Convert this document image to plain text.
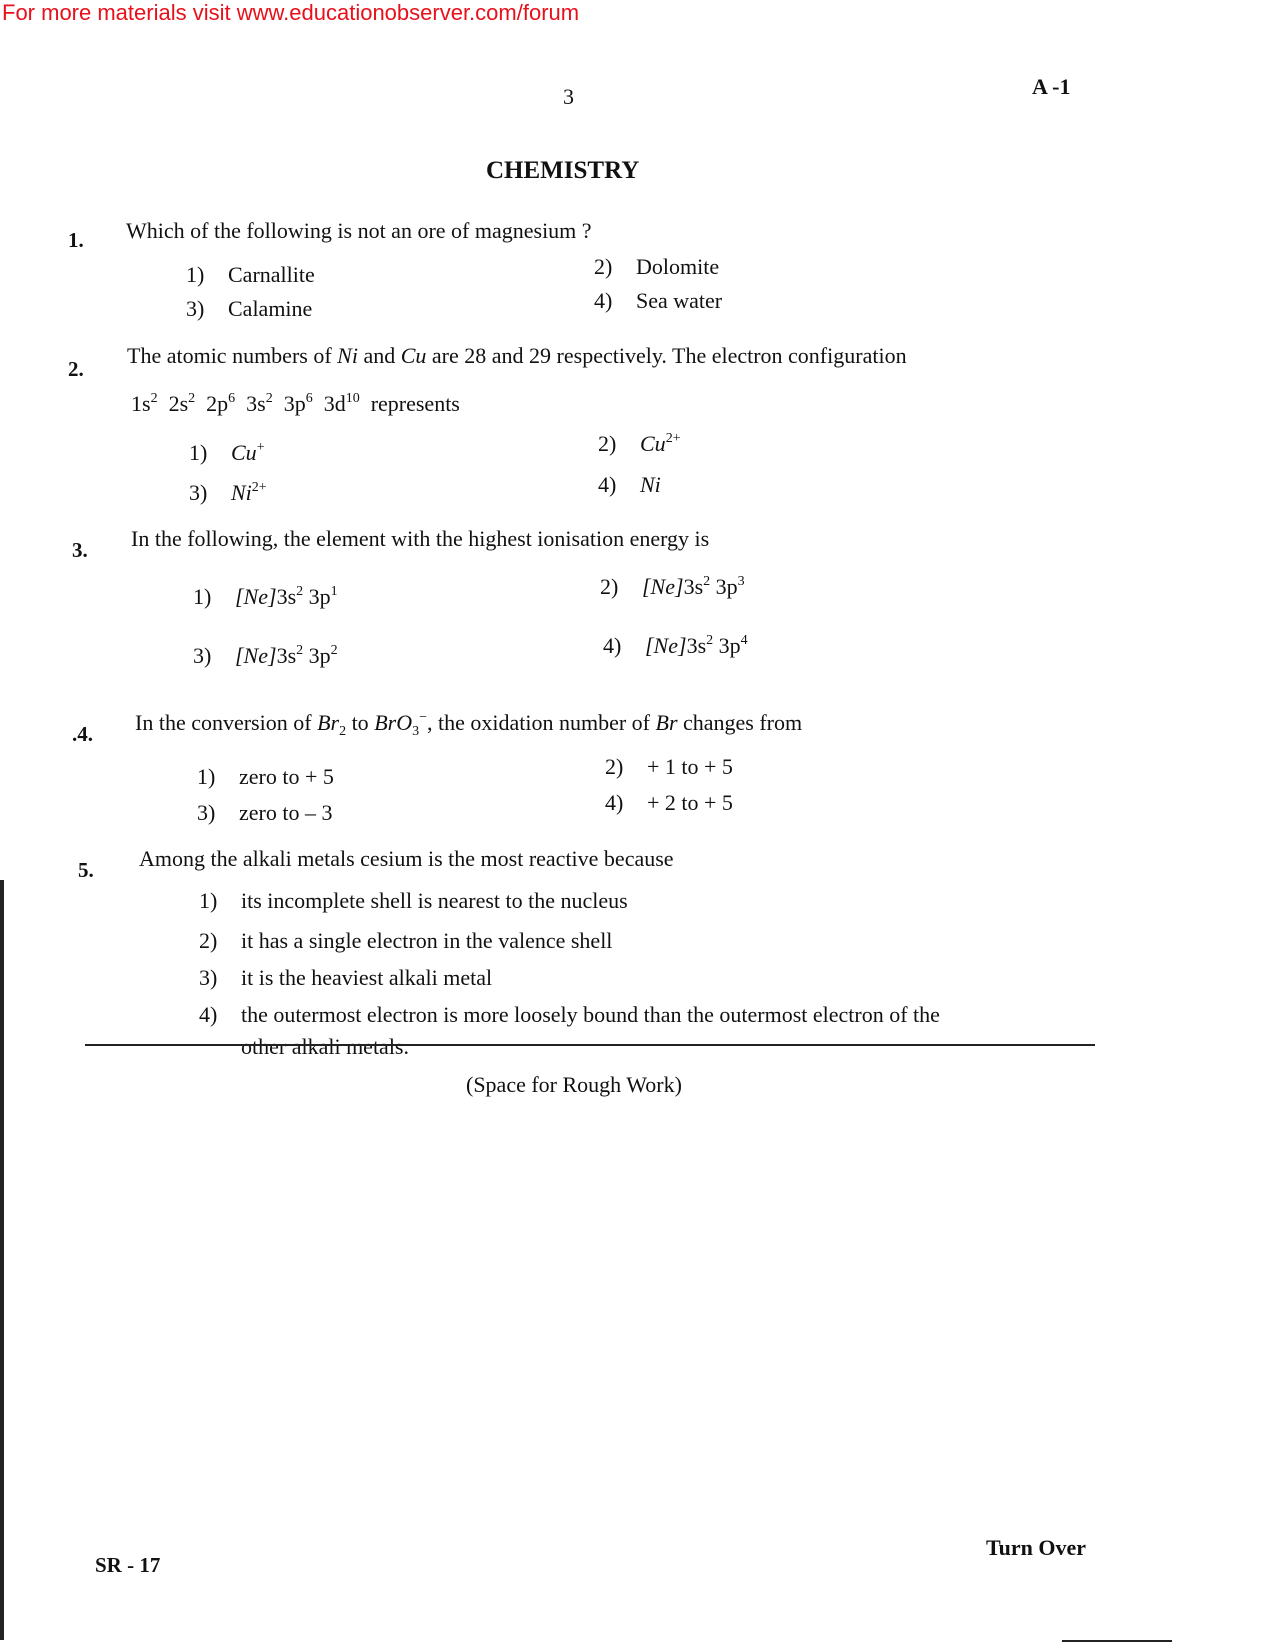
For more materials visit www.educationobserver.com/forum
3	A -1
CHEMISTRY
1. Which of the following is not an ore of magnesium ?
1) Carnallite	2) Dolomite
3) Calamine	4) Sea water
2.
The atomic numbers of Ni and Cu are 28 and 29 respectively. The electron configuration
$1s^2$ $2s^2$ $2p^6$ $3s^2$ $3p^6$ $3d^{10}$ represents
1) Cu+	2) $Cu^{2+}$
3) $Ni^{2+}$	4) Ni
3. In the following, the element with the highest ionisation energy is
1) $[Ne]3s^2$ $3p^1$	2) $[Ne]3s^2$ $3p^3$
3) $[Ne]3s^2$ $3p^2$	4) $[Ne]3s^2$ $3p^4$
.4. In the conversion of $Br_2$ to BrO$_3$−, the oxidation number of Br changes from
1) zero to + 5	2) + 1 to + 5
3) zero to – 3	4) + 2 to + 5
5. Among the alkali metals cesium is the most reactive because
1) its incomplete shell is nearest to the nucleus
2) it has a single electron in the valence shell
3) it is the heaviest alkali metal
4) the outermost electron is more loosely bound than the outermost electron of the
other alkali metals.
(Space for Rough Work)
SR - 17
Turn Over
